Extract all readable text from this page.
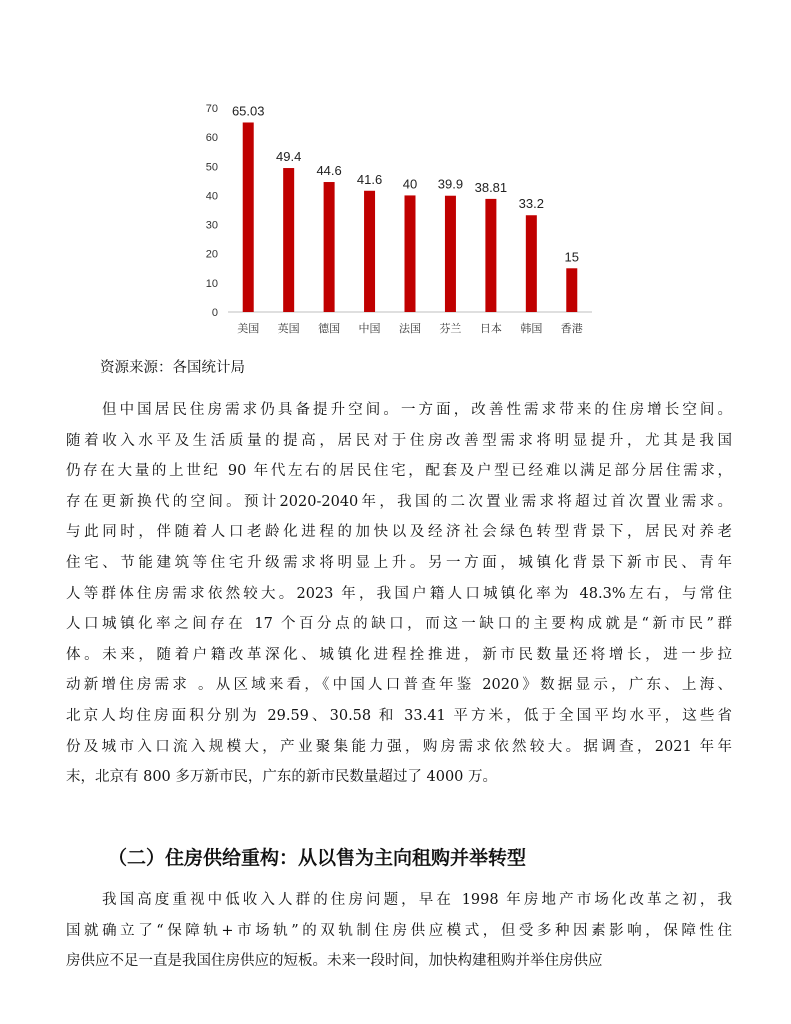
0
10
20
30
40
50
60
70 65.03
49.4
44.6
41.6 40 39.9 38.81
33.2
15
美国 英国 德国 中国 法国 芬兰 日本 韩国 香港
资源来源：各国统计局
但中国居民住房需求仍具备提升空间。一方面，改善性需求带来的住房增长空间。
随着收入水平及生活质量的提高，居民对于住房改善型需求将明显提升，尤其是我国
仍存在大量的上世纪 90 年代左右的居民住宅，配套及户型已经难以满足部分居住需求，
存在更新换代的空间。预计2020-2040年，我国的二次置业需求将超过首次置业需求。
与此同时，伴随着人口老龄化进程的加快以及经济社会绿色转型背景下，居民对养老
住宅、节能建筑等住宅升级需求将明显上升。另一方面，城镇化背景下新市民、青年
人等群体住房需求依然较大。2023 年，我国户籍人口城镇化率为 48.3%左右，与常住
人口城镇化率之间存在 17 个百分点的缺口，而这一缺口的主要构成就是“新市民”群
体。未来，随着户籍改革深化、城镇化进程拴推进，新市民数量还将增长，进一步拉
动新增住房需求 。从区域来看，《中国人口普查年鉴 2020》数据显示，广东、上海、
北京人均住房面积分别为 29.59、30.58 和 33.41 平方米，低于全国平均水平，这些省
份及城市入口流入规模大，产业聚集能力强，购房需求依然较大。据调查，2021 年年
末，北京有 800 多万新市民，广东的新市民数量超过了 4000 万。
（二）住房供给重构：从以售为主向租购并举转型
我国高度重视中低收入人群的住房问题，早在 1998 年房地产市场化改革之初，我
国就确立了“保障轨+市场轨”的双轨制住房供应模式，但受多种因素影响，保障性住
房供应不足一直是我国住房供应的短板。未来一段时间，加快构建租购并举住房供应
